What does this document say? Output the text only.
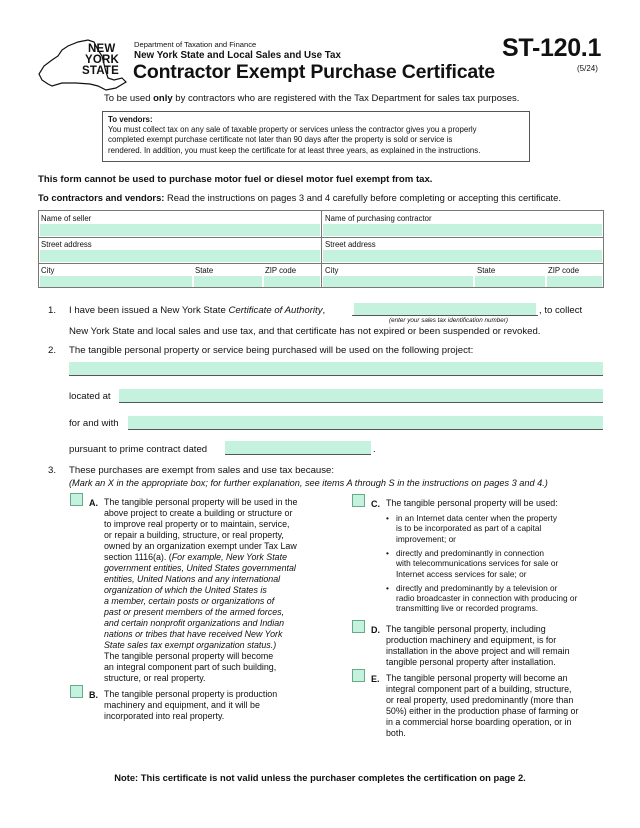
NEW
YORK
STATE
Department of Taxation and Finance
New York State and Local Sales and Use Tax
Contractor Exempt Purchase Certificate
ST-120.1
(5/24)
To be used only by contractors who are registered with the Tax Department for sales tax purposes.
To vendors:
You must collect tax on any sale of taxable property or services unless the contractor gives you a properly
completed exempt purchase certificate not later than 90 days after the property is sold or service is
rendered. In addition, you must keep the certificate for at least three years, as explained in the instructions.
This form cannot be used to purchase motor fuel or diesel motor fuel exempt from tax.
To contractors and vendors: Read the instructions on pages 3 and 4 carefully before completing or accepting this certificate.
Name of seller	Name of purchasing contractor
Street address	Street address
City	State	ZIP code	City	State	ZIP code
1. I have been issued a New York State Certificate of Authority,	, to collect
(enter your sales tax identification number)
New York State and local sales and use tax, and that certificate has not expired or been suspended or revoked.
2. The tangible personal property or service being purchased will be used on the following project:
located at
for and with
pursuant to prime contract dated	.
3. These purchases are exempt from sales and use tax because:
(Mark an X in the appropriate box; for further explanation, see items A through S in the instructions on pages 3 and 4.)
A. The tangible personal property will be used in the
above project to create a building or structure or
to improve real property or to maintain, service,
or repair a building, structure, or real property,
owned by an organization exempt under Tax Law
section 1116(a). (For example, New York State
government entities, United States governmental
entities, United Nations and any international
organization of which the United States is
a member, certain posts or organizations of
past or present members of the armed forces,
and certain nonprofit organizations and Indian
nations or tribes that have received New York
State sales tax exempt organization status.)
The tangible personal property will become
an integral component part of such building,
structure, or real property.
B. The tangible personal property is production
machinery and equipment, and it will be
incorporated into real property.
C. The tangible personal property will be used:
• in an Internet data center when the property
is to be incorporated as part of a capital
improvement; or
• directly and predominantly in connection
with telecommunications services for sale or
Internet access services for sale; or
• directly and predominantly by a television or
radio broadcaster in connection with producing or
transmitting live or recorded programs.
D. The tangible personal property, including
production machinery and equipment, is for
installation in the above project and will remain
tangible personal property after installation.
E. The tangible personal property will become an
integral component part of a building, structure,
or real property, used predominantly (more than
50%) either in the production phase of farming or
in a commercial horse boarding operation, or in
both.
Note: This certificate is not valid unless the purchaser completes the certification on page 2.
